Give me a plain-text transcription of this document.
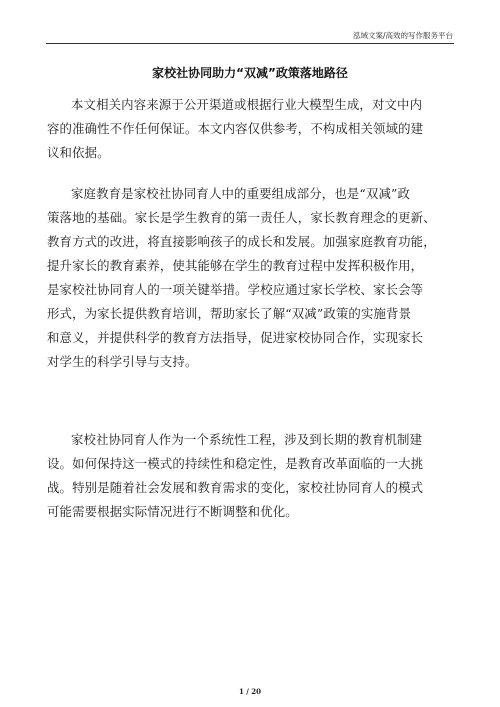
泓域文案/高效的写作服务平台
家校社协同助力“双减”政策落地路径
本文相关内容来源于公开渠道或根据行业大模型生成，对文中内
容的准确性不作任何保证。本文内容仅供参考，不构成相关领域的建
议和依据。
家庭教育是家校社协同育人中的重要组成部分，也是“双减”政
策落地的基础。家长是学生教育的第一责任人，家长教育理念的更新、
教育方式的改进，将直接影响孩子的成长和发展。加强家庭教育功能，
提升家长的教育素养，使其能够在学生的教育过程中发挥积极作用，
是家校社协同育人的一项关键举措。学校应通过家长学校、家长会等
形式，为家长提供教育培训，帮助家长了解“双减”政策的实施背景
和意义，并提供科学的教育方法指导，促进家校协同合作，实现家长
对学生的科学引导与支持。
家校社协同育人作为一个系统性工程，涉及到长期的教育机制建
设。如何保持这一模式的持续性和稳定性，是教育改革面临的一大挑
战。特别是随着社会发展和教育需求的变化，家校社协同育人的模式
可能需要根据实际情况进行不断调整和优化。
1 / 20
